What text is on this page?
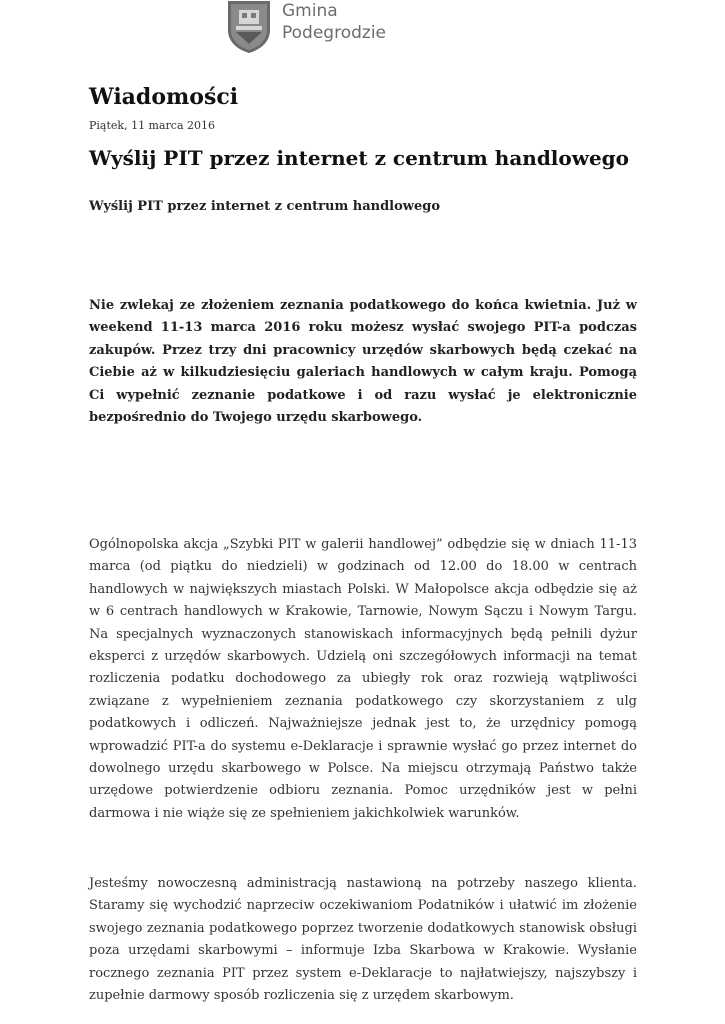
Gmina
Podegrodzie
Wiadomości
Piątek, 11 marca 2016
Wyślij PIT przez internet z centrum handlowego
Wyślij PIT przez internet z centrum handlowego

Nie zwlekaj ze złożeniem zeznania podatkowego do końca kwietnia. Już w weekend 11-13 marca 2016 roku możesz wysłać swojego PIT-a podczas zakupów. Przez trzy dni pracownicy urzędów skarbowych będą czekać na Ciebie aż w kilkudziesięciu galeriach handlowych w całym kraju. Pomogą Ci wypełnić zeznanie podatkowe i od razu wysłać je elektronicznie bezpośrednio do Twojego urzędu skarbowego.

Ogólnopolska akcja „Szybki PIT w galerii handlowej” odbędzie się w dniach 11-13 marca (od piątku do niedzieli) w godzinach od 12.00 do 18.00 w centrach handlowych w największych miastach Polski. W Małopolsce akcja odbędzie się aż w 6 centrach handlowych w Krakowie, Tarnowie, Nowym Sączu i Nowym Targu. Na specjalnych wyznaczonych stanowiskach informacyjnych będą pełnili dyżur eksperci z urzędów skarbowych. Udzielą oni szczegółowych informacji na temat rozliczenia podatku dochodowego za ubiegły rok oraz rozwieją wątpliwości związane z wypełnieniem zeznania podatkowego czy skorzystaniem z ulg podatkowych i odliczeń. Najważniejsze jednak jest to, że urzędnicy pomogą wprowadzić PIT-a do systemu e-Deklaracje i sprawnie wysłać go przez internet do dowolnego urzędu skarbowego w Polsce. Na miejscu otrzymają Państwo także urzędowe potwierdzenie odbioru zeznania. Pomoc urzędników jest w pełni darmowa i nie wiąże się ze spełnieniem jakichkolwiek warunków.

Jesteśmy nowoczesną administracją nastawioną na potrzeby naszego klienta. Staramy się wychodzić naprzeciw oczekiwaniom Podatników i ułatwić im złożenie swojego zeznania podatkowego poprzez tworzenie dodatkowych stanowisk obsługi poza urzędami skarbowymi – informuje Izba Skarbowa w Krakowie. Wysłanie rocznego zeznania PIT przez system e-Deklaracje to najłatwiejszy, najszybszy i zupełnie darmowy sposób rozliczenia się z urzędem skarbowym.
